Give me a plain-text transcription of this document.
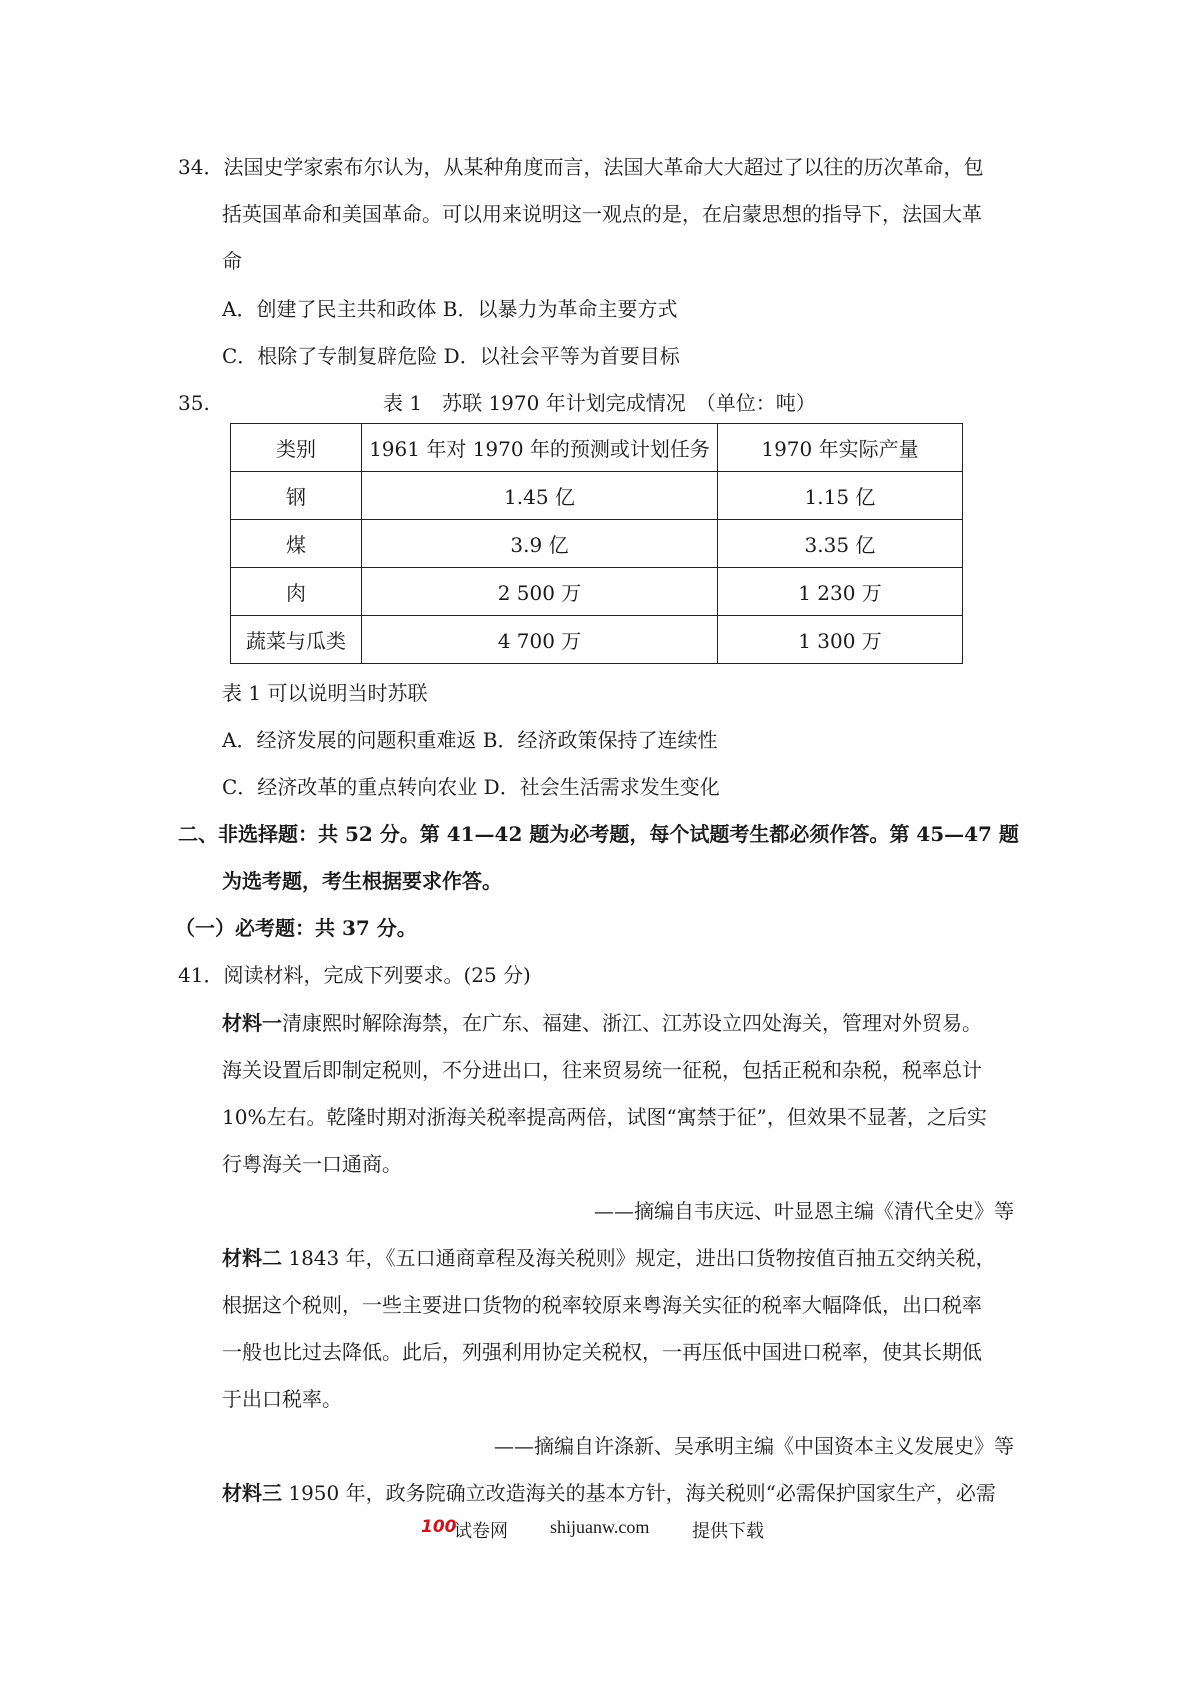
34．法国史学家索布尔认为，从某种角度而言，法国大革命大大超过了以往的历次革命，包
括英国革命和美国革命。可以用来说明这一观点的是，在启蒙思想的指导下，法国大革
命
A．创建了民主共和政体 B．以暴力为革命主要方式
C．根除了专制复辟危险 D．以社会平等为首要目标
35.	表 1　苏联 1970 年计划完成情况　（单位：吨）
类别	1961 年对 1970 年的预测或计划任务	1970 年实际产量
钢	1.45 亿	1.15 亿
煤	3.9 亿	3.35 亿
肉	2 500 万	1 230 万
蔬菜与瓜类	4 700 万	1 300 万
表 1 可以说明当时苏联
A．经济发展的问题积重难返 B．经济政策保持了连续性
C．经济改革的重点转向农业 D．社会生活需求发生变化
二、非选择题：共 52 分。第 41—42 题为必考题，每个试题考生都必须作答。第 45—47 题
为选考题，考生根据要求作答。
（一）必考题：共 37 分。
41．阅读材料，完成下列要求。(25 分)
材料一清康熙时解除海禁，在广东、福建、浙江、江苏设立四处海关，管理对外贸易。
海关设置后即制定税则，不分进出口，往来贸易统一征税，包括正税和杂税，税率总计
10%左右。乾隆时期对浙海关税率提高两倍，试图“寓禁于征”，但效果不显著，之后实
行粤海关一口通商。
——摘编自韦庆远、叶显恩主编《清代全史》等
材料二 1843 年，《五口通商章程及海关税则》规定，进出口货物按值百抽五交纳关税，
根据这个税则，一些主要进口货物的税率较原来粤海关实征的税率大幅降低，出口税率
一般也比过去降低。此后，列强利用协定关税权，一再压低中国进口税率，使其长期低
于出口税率。
——摘编自许涤新、吴承明主编《中国资本主义发展史》等
材料三 1950 年，政务院确立改造海关的基本方针，海关税则“必需保护国家生产，必需
100
试卷网 shijuanw.com 提供下载
